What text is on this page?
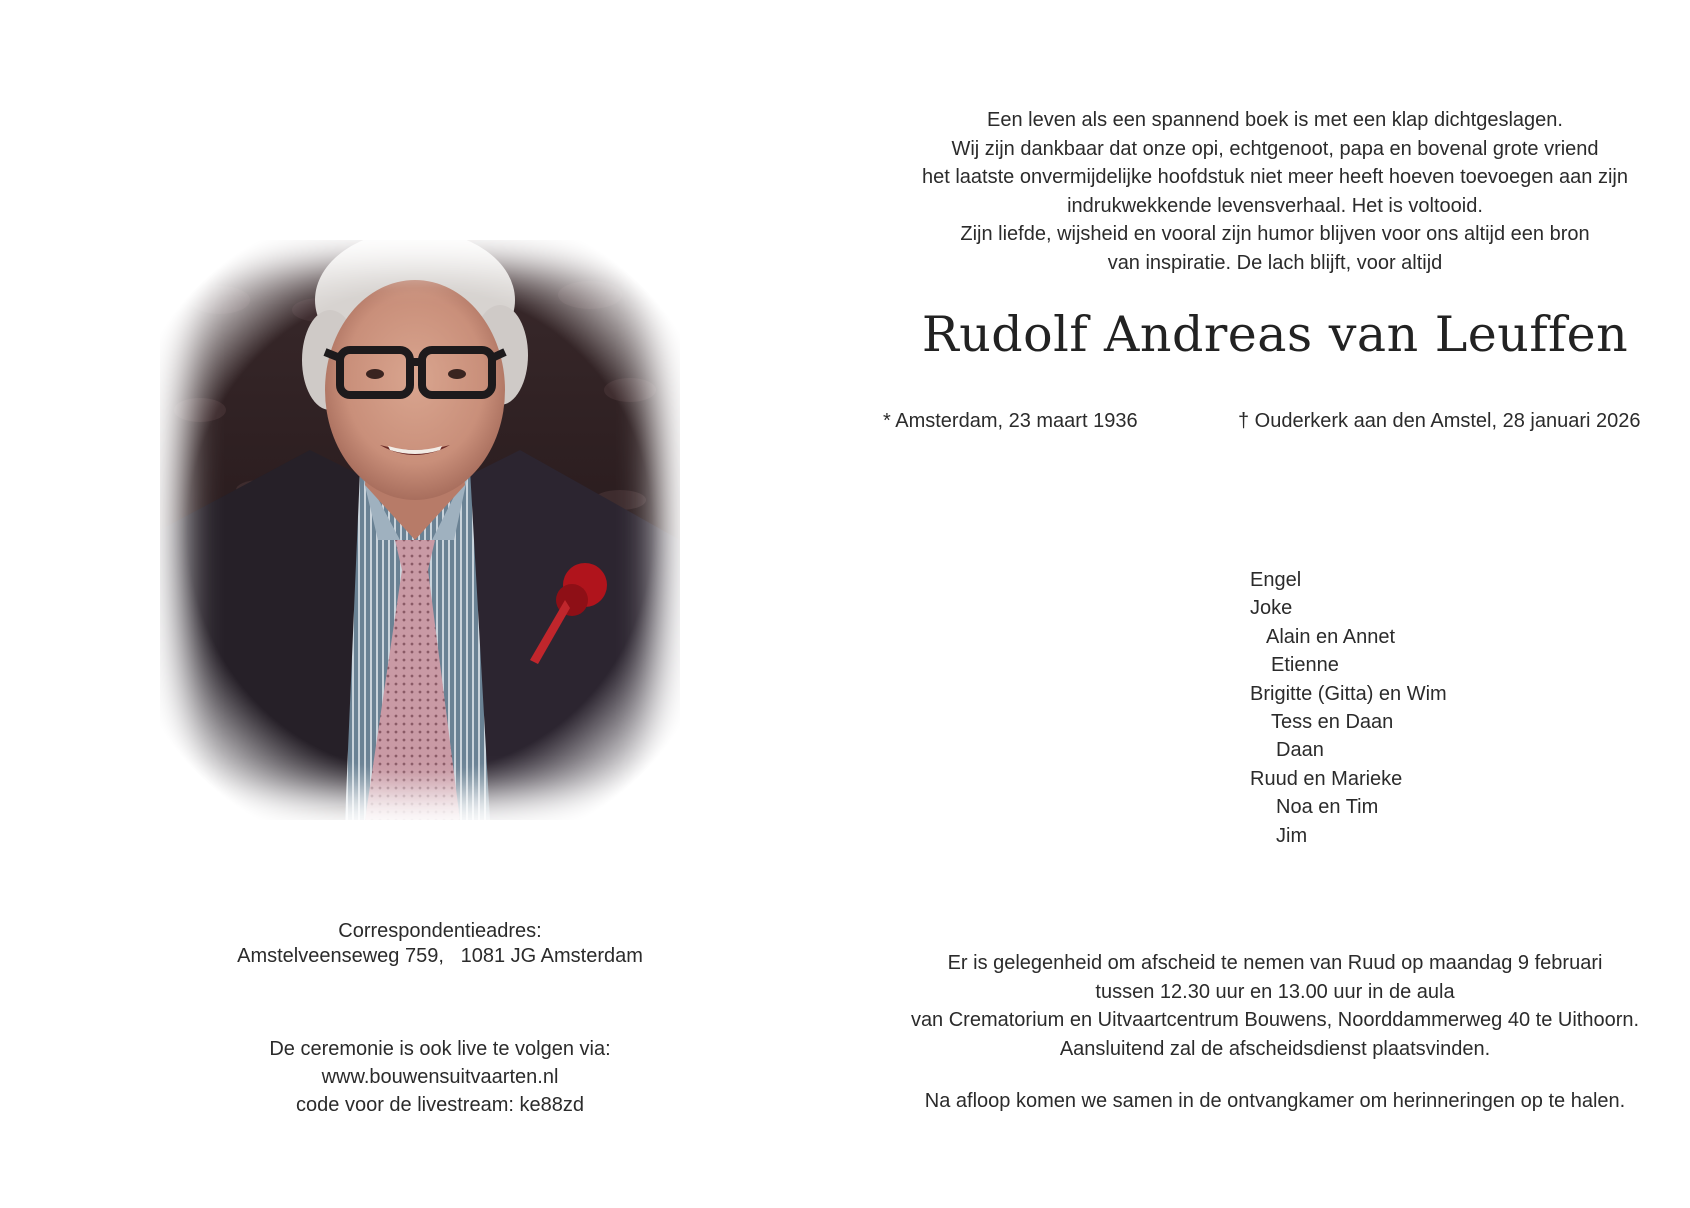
Een leven als een spannend boek is met een klap dichtgeslagen.
Wij zijn dankbaar dat onze opi, echtgenoot, papa en bovenal grote vriend
het laatste onvermijdelijke hoofdstuk niet meer heeft hoeven toevoegen aan zijn
indrukwekkende levensverhaal. Het is voltooid.
Zijn liefde, wijsheid en vooral zijn humor blijven voor ons altijd een bron
van inspiratie. De lach blijft, voor altijd
Rudolf Andreas van Leuffen
* Amsterdam, 23 maart 1936	† Ouderkerk aan den Amstel, 28 januari 2026
Engel
Joke
Alain en Annet
Etienne
Brigitte (Gitta) en Wim
Tess en Daan
Daan
Ruud en Marieke
Noa en Tim
Jim
Er is gelegenheid om afscheid te nemen van Ruud op maandag 9 februari
tussen 12.30 uur en 13.00 uur in de aula
van Crematorium en Uitvaartcentrum Bouwens, Noorddammerweg 40 te Uithoorn.
Aansluitend zal de afscheidsdienst plaatsvinden.
Na afloop komen we samen in de ontvangkamer om herinneringen op te halen.
Correspondentieadres:
Amstelveenseweg 759, 1081 JG Amsterdam
De ceremonie is ook live te volgen via:
www.bouwensuitvaarten.nl
code voor de livestream: ke88zd
